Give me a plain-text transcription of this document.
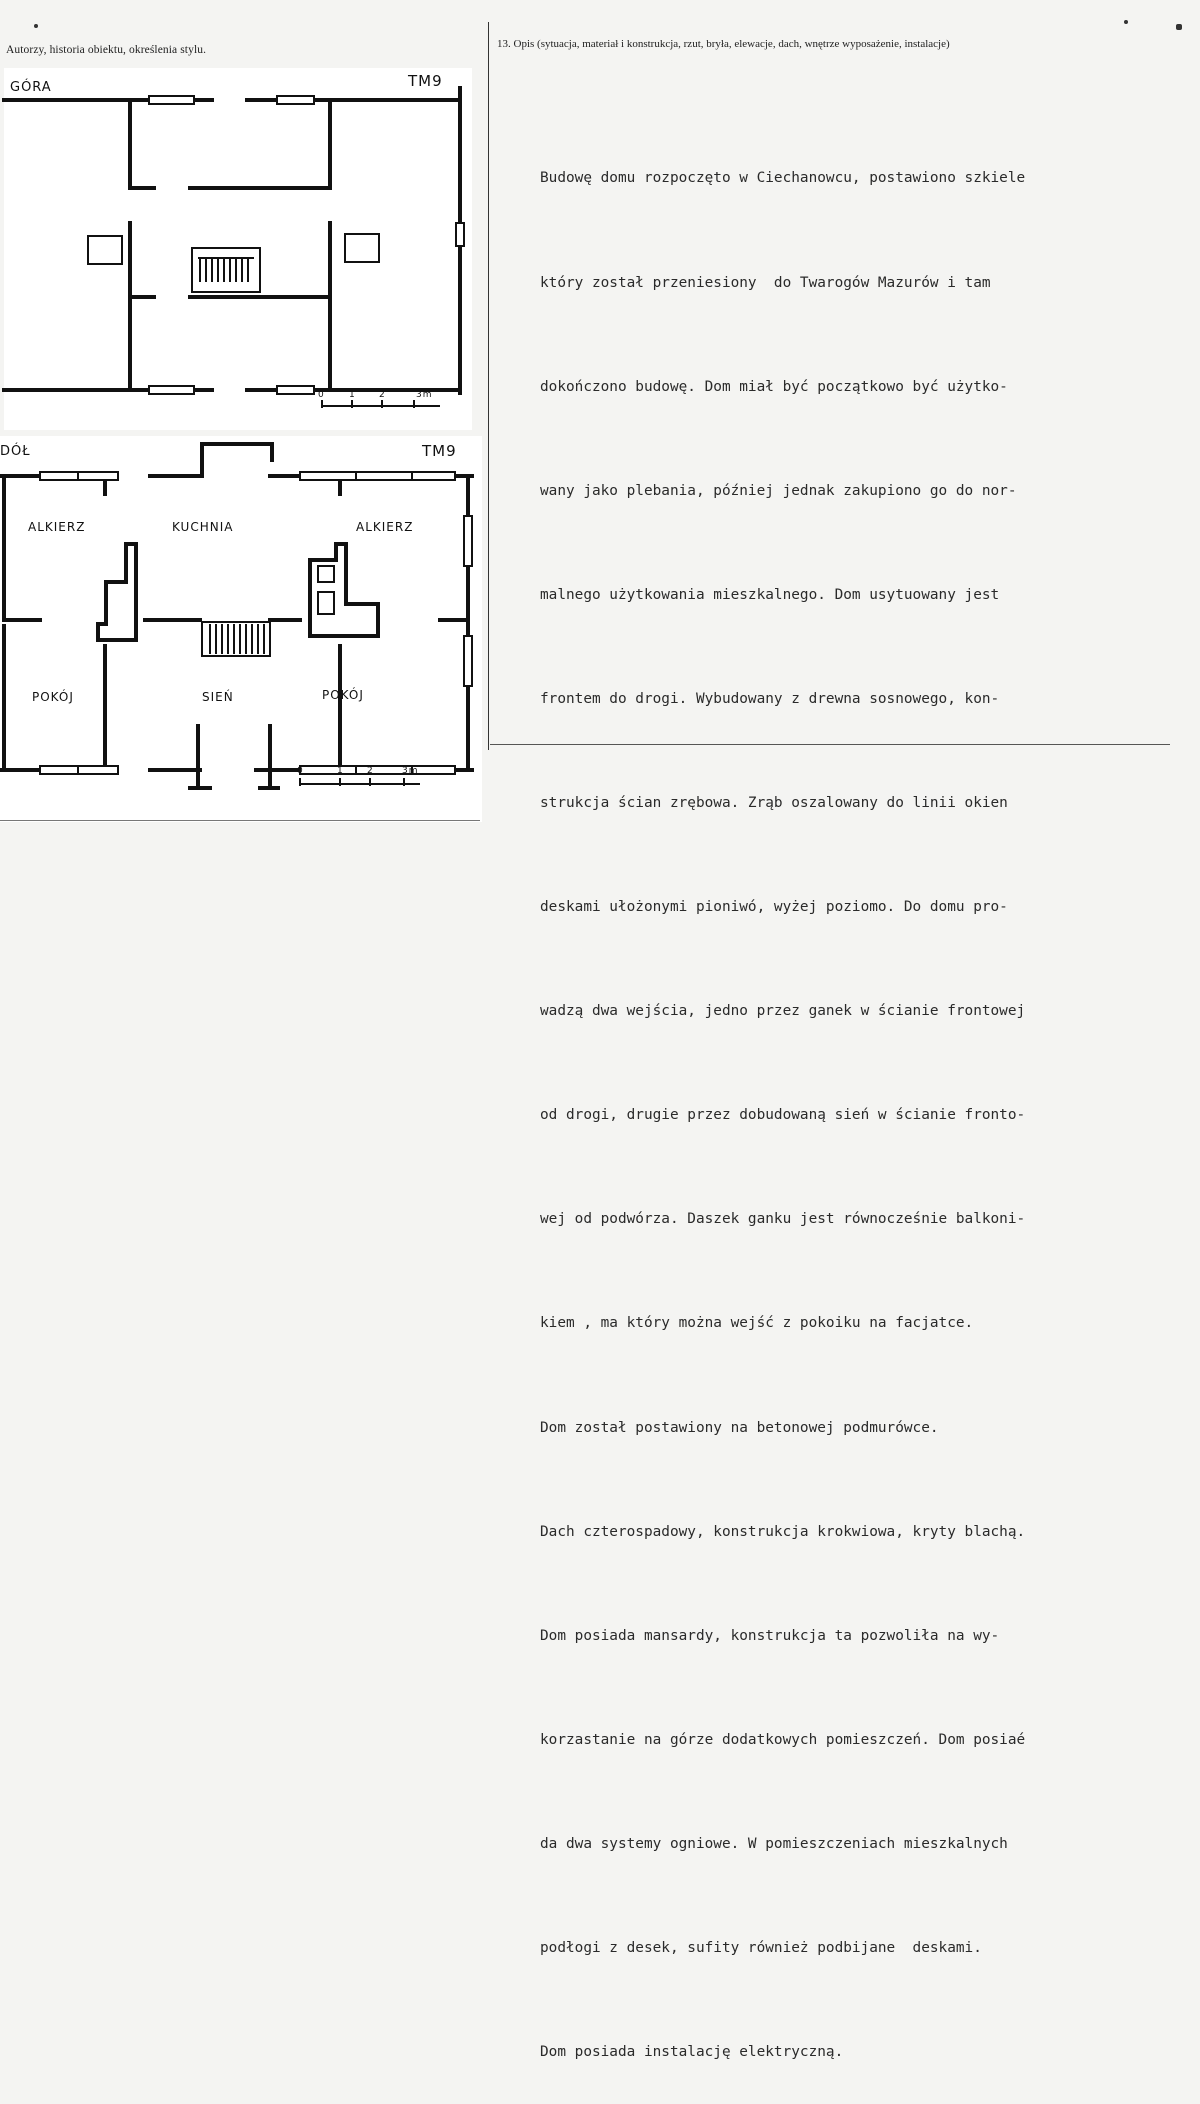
Autorzy, historia obiektu, określenia stylu.	13. Opis (sytuacja, materiał i konstrukcja, rzut, bryła, elewacje, dach, wnętrze wyposażenie, instalacje)
GÓRA	TM9
0	1	2	3m
DÓŁ	TM9
ALKIERZ	KUCHNIA	ALKIERZ
POKÓJ	SIEŃ	POKÓJ
0	1	2	3m

Budowę domu rozpoczęto w Ciechanowcu, postawiono szkiele

który został przeniesiony  do Twarogów Mazurów i tam

dokończono budowę. Dom miał być początkowo być użytko-

wany jako plebania, później jednak zakupiono go do nor-

malnego użytkowania mieszkalnego. Dom usytuowany jest

frontem do drogi. Wybudowany z drewna sosnowego, kon-

strukcja ścian zrębowa. Zrąb oszalowany do linii okien

deskami ułożonymi pioniwó, wyżej poziomo. Do domu pro-

wadzą dwa wejścia, jedno przez ganek w ścianie frontowej

od drogi, drugie przez dobudowaną sień w ścianie fronto-

wej od podwórza. Daszek ganku jest równocześnie balkoni-

kiem , ma który można wejść z pokoiku na facjatce.

Dom został postawiony na betonowej podmurówce.

Dach czterospadowy, konstrukcja krokwiowa, kryty blachą.

Dom posiada mansardy, konstrukcja ta pozwoliła na wy-

korzastanie na górze dodatkowych pomieszczeń. Dom posiaé

da dwa systemy ogniowe. W pomieszczeniach mieszkalnych

podłogi z desek, sufity również podbijane  deskami.

Dom posiada instalację elektryczną.
